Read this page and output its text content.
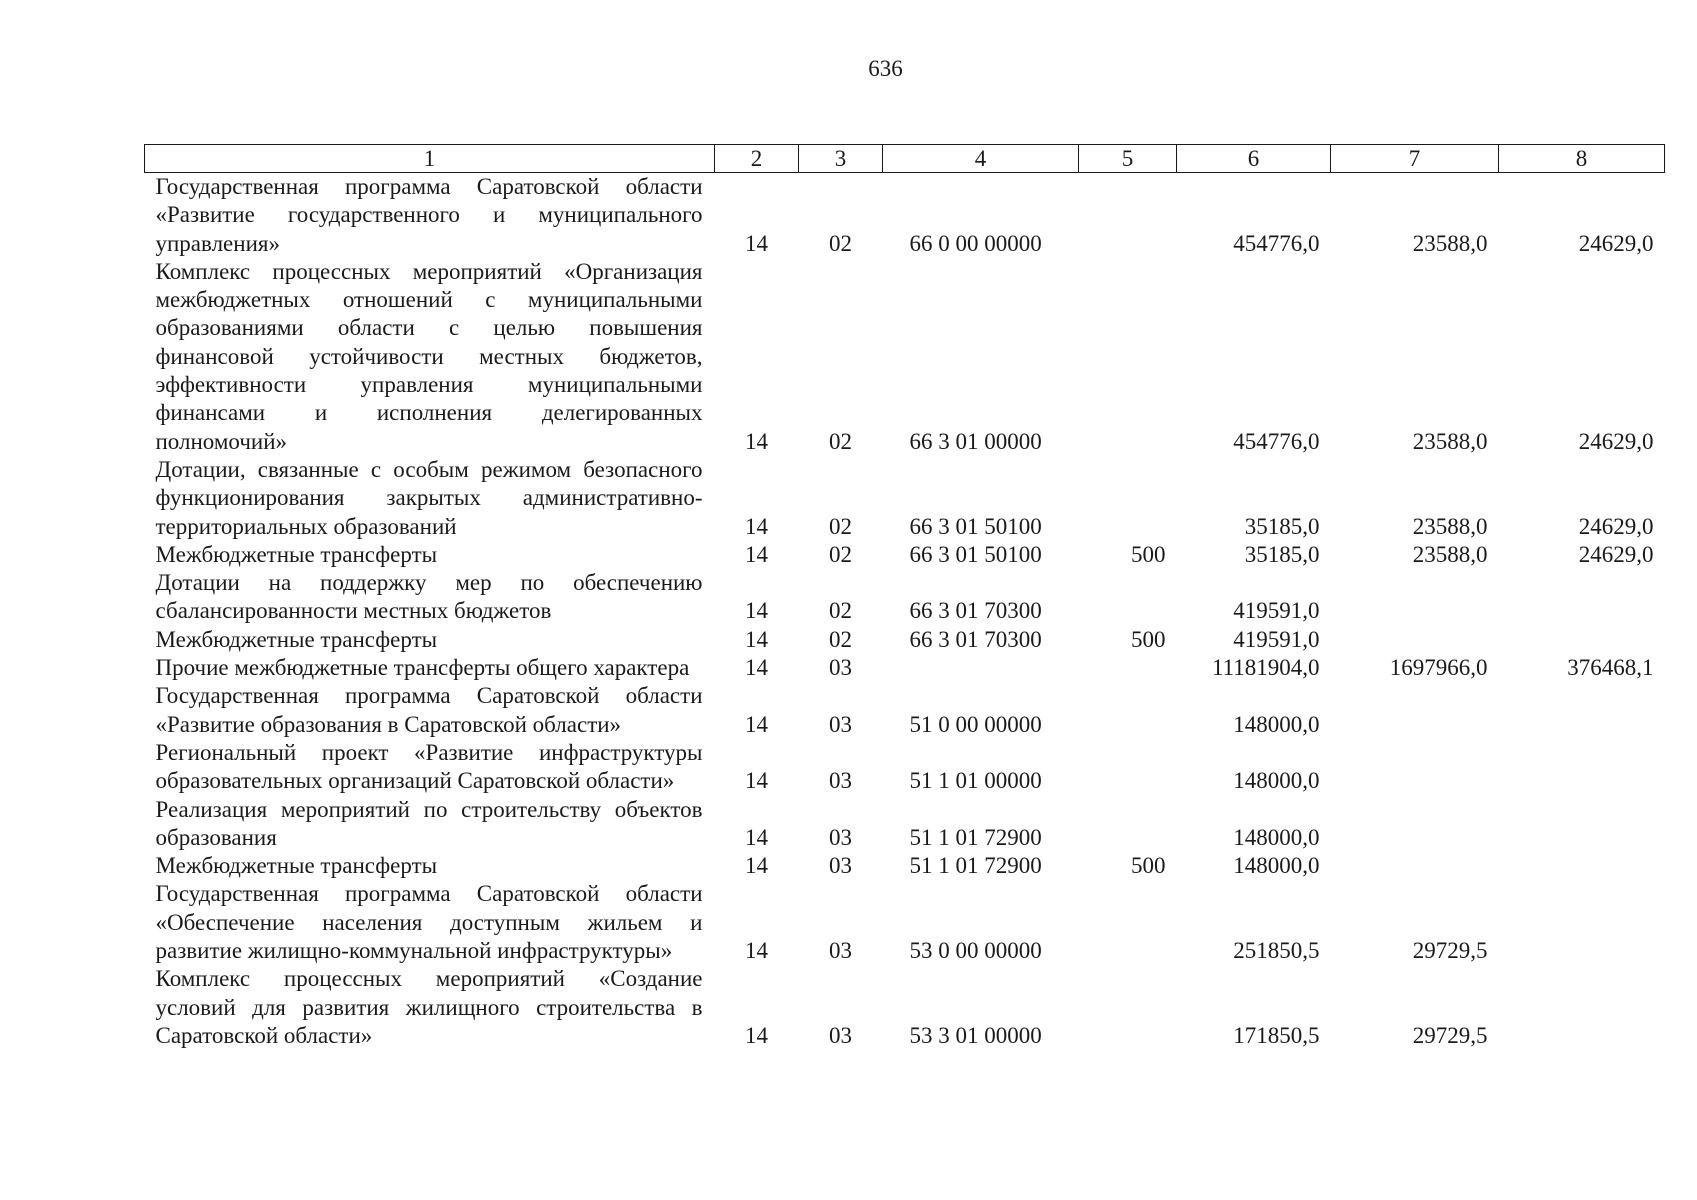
636
1	2	3	4	5	6	7	8
Государственная программа Саратовской области «Развитие государственного и муниципального управления»	14	02	66 0 00 00000		454776,0	23588,0	24629,0
Комплекс процессных мероприятий «Организация межбюджетных отношений с муниципальными образованиями области с целью повышения финансовой устойчивости местных бюджетов, эффективности управления муниципальными финансами и исполнения делегированных полномочий»	14	02	66 3 01 00000		454776,0	23588,0	24629,0
Дотации, связанные с особым режимом безопасного функционирования закрытых административно-территориальных образований	14	02	66 3 01 50100		35185,0	23588,0	24629,0
Межбюджетные трансферты	14	02	66 3 01 50100	500	35185,0	23588,0	24629,0
Дотации на поддержку мер по обеспечению сбалансированности местных бюджетов	14	02	66 3 01 70300		419591,0		
Межбюджетные трансферты	14	02	66 3 01 70300	500	419591,0		
Прочие межбюджетные трансферты общего характера	14	03			11181904,0	1697966,0	376468,1
Государственная программа Саратовской области «Развитие образования в Саратовской области»	14	03	51 0 00 00000		148000,0		
Региональный проект «Развитие инфраструктуры образовательных организаций Саратовской области»	14	03	51 1 01 00000		148000,0		
Реализация мероприятий по строительству объектов образования	14	03	51 1 01 72900		148000,0		
Межбюджетные трансферты	14	03	51 1 01 72900	500	148000,0		
Государственная программа Саратовской области «Обеспечение населения доступным жильем и развитие жилищно-коммунальной инфраструктуры»	14	03	53 0 00 00000		251850,5	29729,5	
Комплекс процессных мероприятий «Создание условий для развития жилищного строительства в Саратовской области»	14	03	53 3 01 00000		171850,5	29729,5	
